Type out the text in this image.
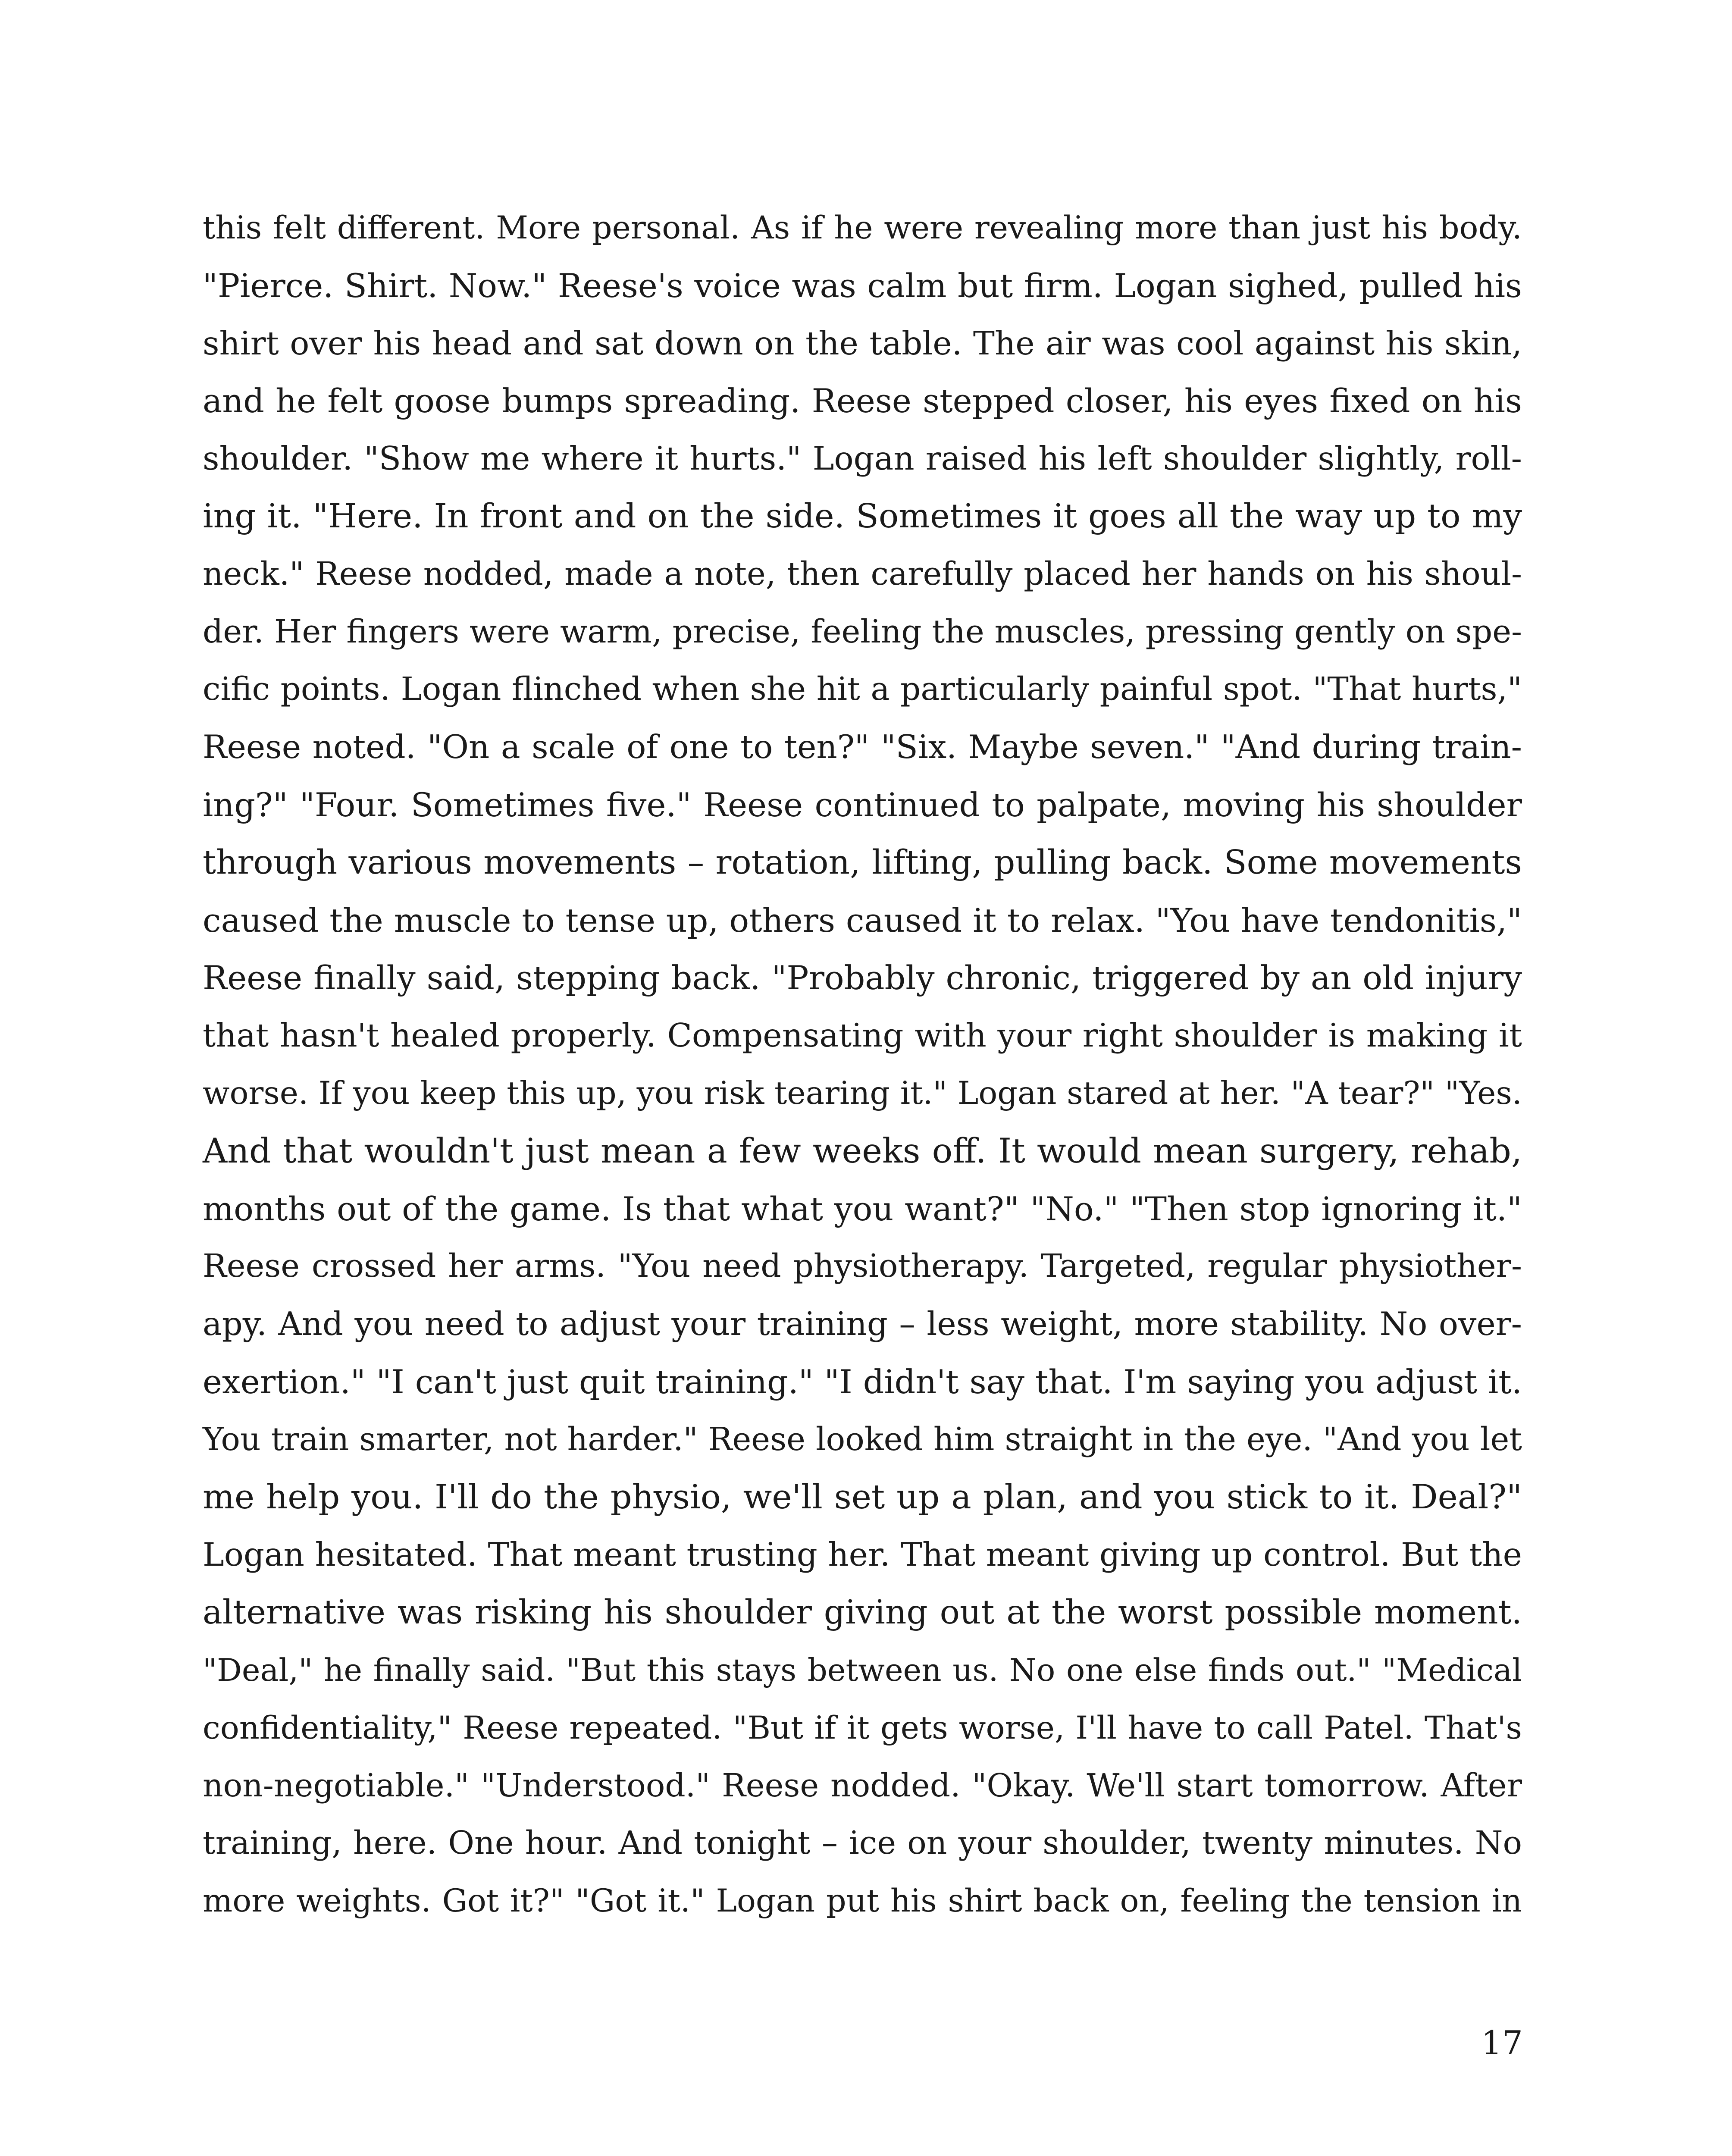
this felt different. More personal. As if he were revealing more than just his body.
"Pierce. Shirt. Now." Reese's voice was calm but firm. Logan sighed, pulled his
shirt over his head and sat down on the table. The air was cool against his skin,
and he felt goose bumps spreading. Reese stepped closer, his eyes fixed on his
shoulder. "Show me where it hurts." Logan raised his left shoulder slightly, roll-
ing it. "Here. In front and on the side. Sometimes it goes all the way up to my
neck." Reese nodded, made a note, then carefully placed her hands on his shoul-
der. Her fingers were warm, precise, feeling the muscles, pressing gently on spe-
cific points. Logan flinched when she hit a particularly painful spot. "That hurts,"
Reese noted. "On a scale of one to ten?" "Six. Maybe seven." "And during train-
ing?" "Four. Sometimes five." Reese continued to palpate, moving his shoulder
through various movements – rotation, lifting, pulling back. Some movements
caused the muscle to tense up, others caused it to relax. "You have tendonitis,"
Reese finally said, stepping back. "Probably chronic, triggered by an old injury
that hasn't healed properly. Compensating with your right shoulder is making it
worse. If you keep this up, you risk tearing it." Logan stared at her. "A tear?" "Yes.
And that wouldn't just mean a few weeks off. It would mean surgery, rehab,
months out of the game. Is that what you want?" "No." "Then stop ignoring it."
Reese crossed her arms. "You need physiotherapy. Targeted, regular physiother-
apy. And you need to adjust your training – less weight, more stability. No over-
exertion." "I can't just quit training." "I didn't say that. I'm saying you adjust it.
You train smarter, not harder." Reese looked him straight in the eye. "And you let
me help you. I'll do the physio, we'll set up a plan, and you stick to it. Deal?"
Logan hesitated. That meant trusting her. That meant giving up control. But the
alternative was risking his shoulder giving out at the worst possible moment.
"Deal," he finally said. "But this stays between us. No one else finds out." "Medical
confidentiality," Reese repeated. "But if it gets worse, I'll have to call Patel. That's
non-negotiable." "Understood." Reese nodded. "Okay. We'll start tomorrow. After
training, here. One hour. And tonight – ice on your shoulder, twenty minutes. No
more weights. Got it?" "Got it." Logan put his shirt back on, feeling the tension in
17
